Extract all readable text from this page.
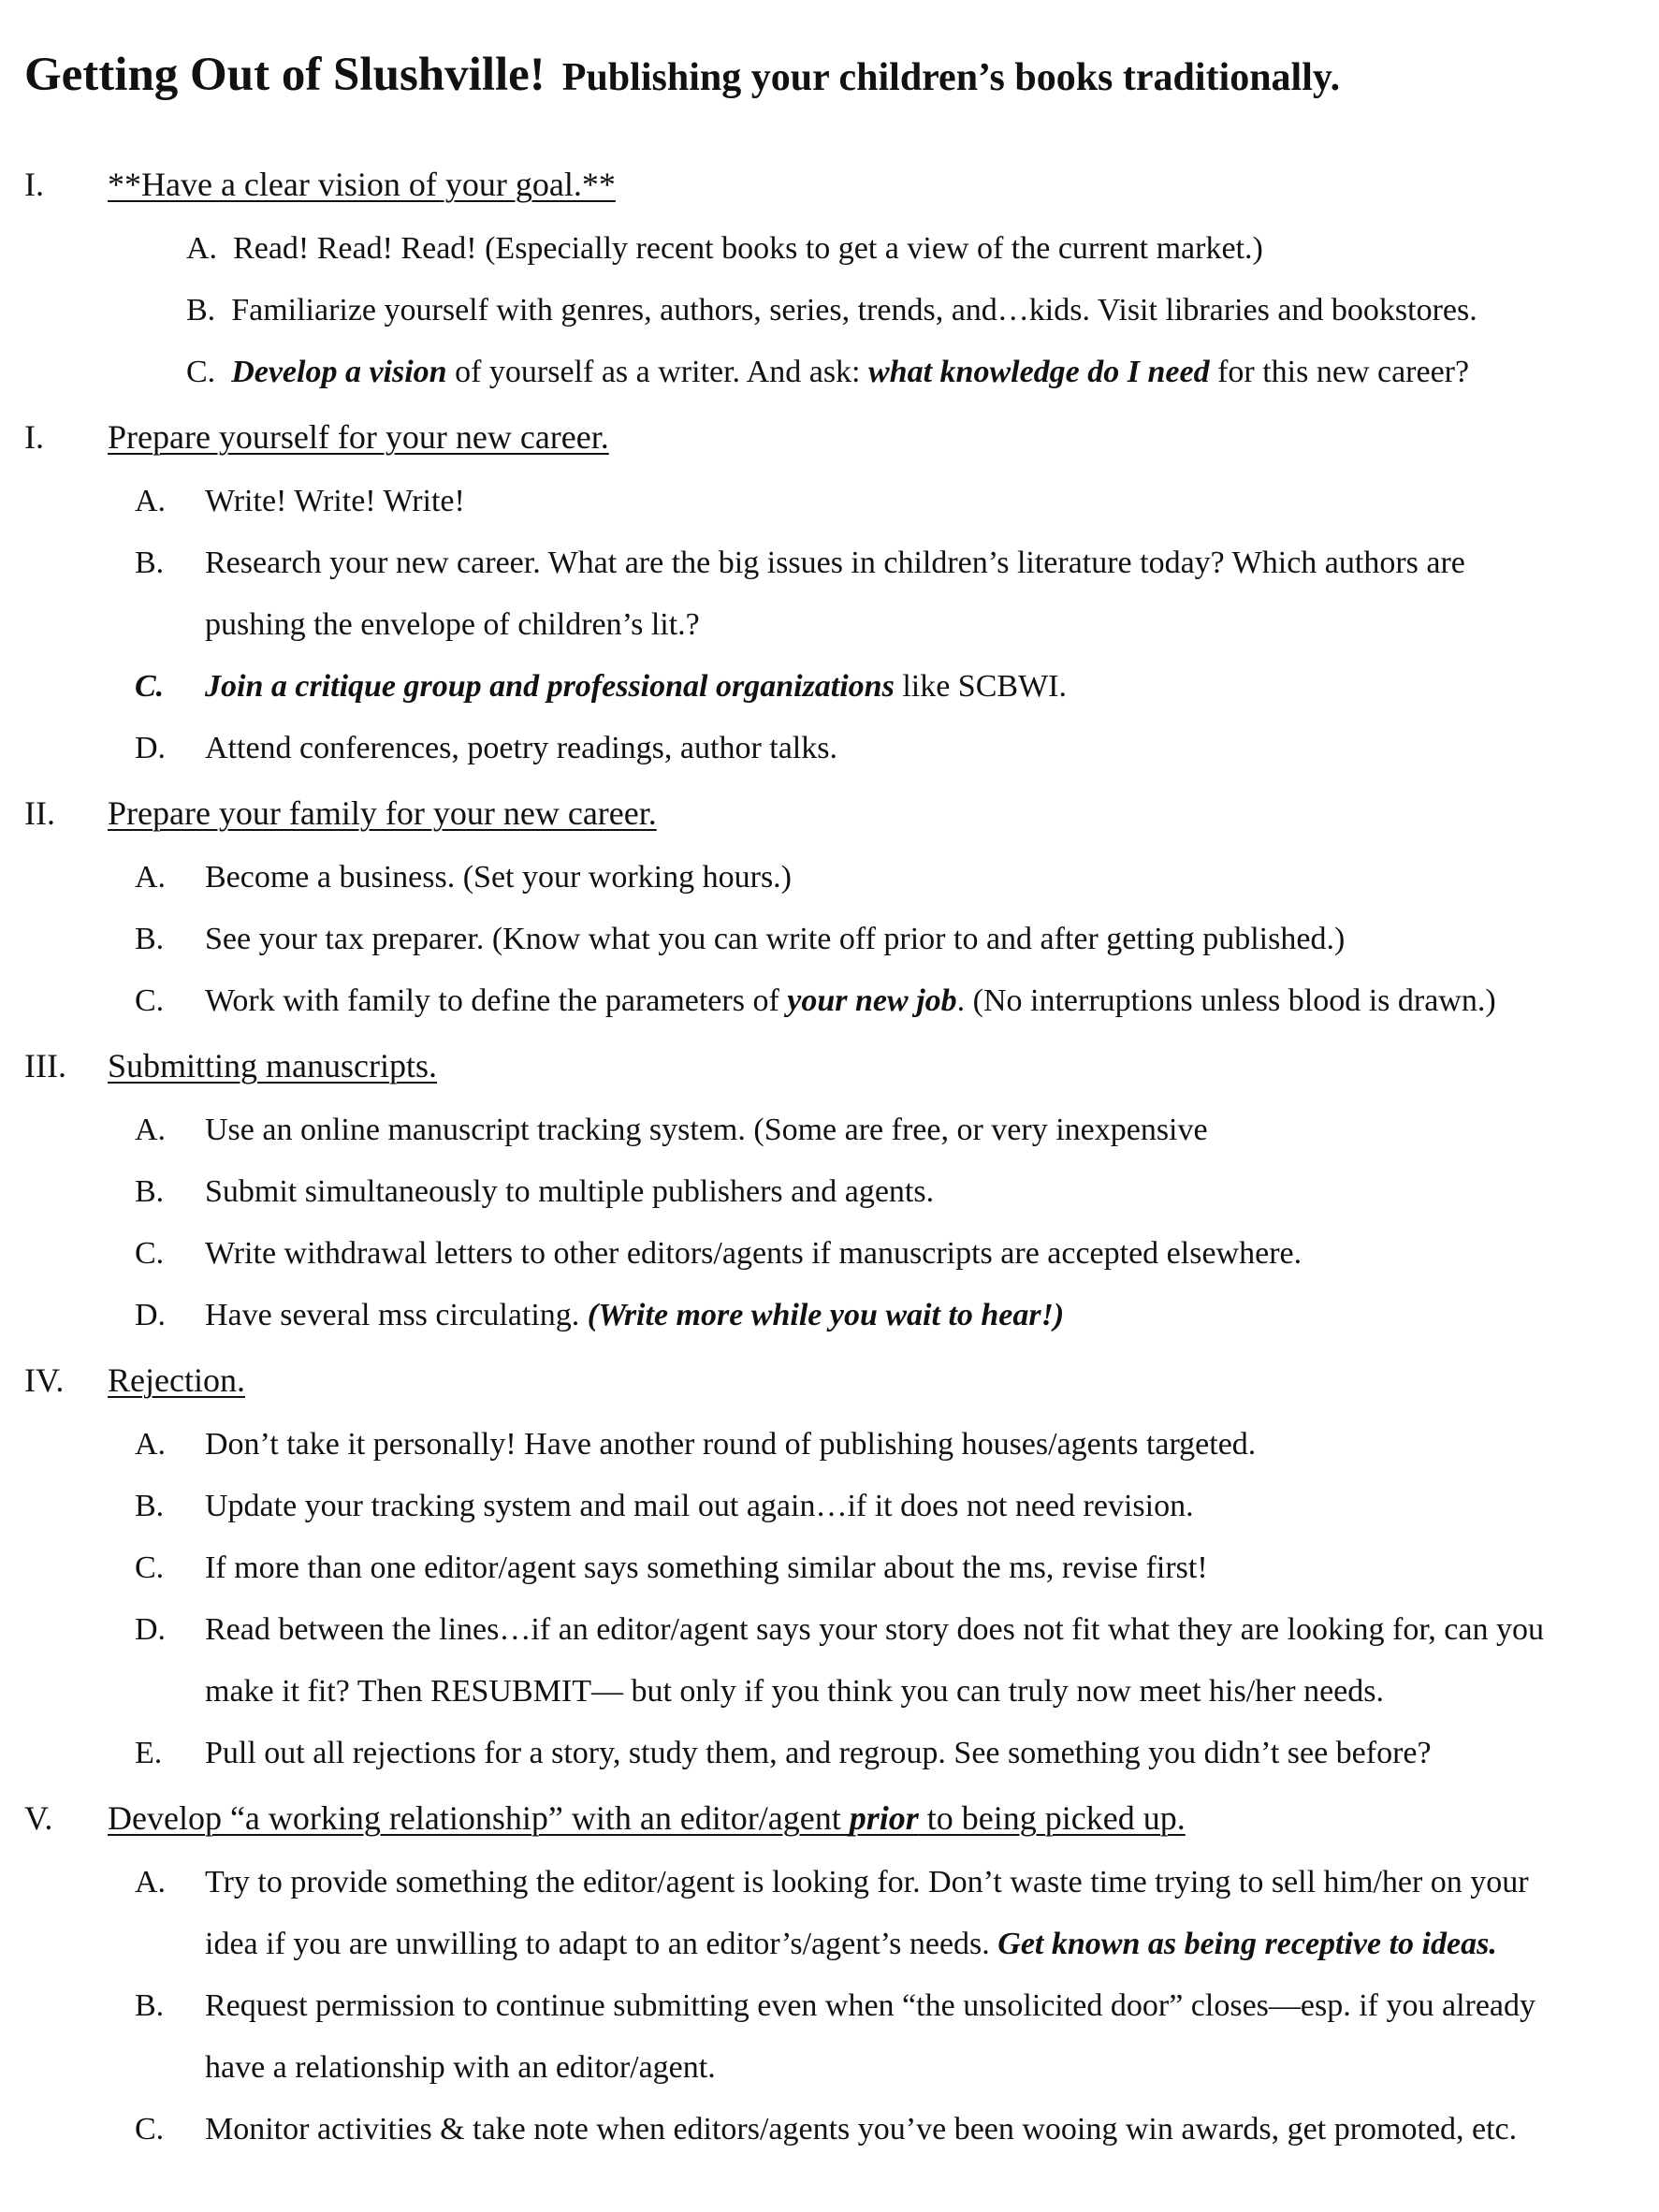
Getting Out of Slushville! Publishing your children’s books traditionally.
I. **Have a clear vision of your goal.**
A. Read! Read! Read! (Especially recent books to get a view of the current market.)
B. Familiarize yourself with genres, authors, series, trends, and…kids. Visit libraries and bookstores.
C. Develop a vision of yourself as a writer. And ask: what knowledge do I need for this new career?
I. Prepare yourself for your new career.
A. Write! Write! Write!
B. Research your new career. What are the big issues in children’s literature today? Which authors are
pushing the envelope of children’s lit.?
C. Join a critique group and professional organizations like SCBWI.
D. Attend conferences, poetry readings, author talks.
II. Prepare your family for your new career.
A. Become a business. (Set your working hours.)
B. See your tax preparer. (Know what you can write off prior to and after getting published.)
C. Work with family to define the parameters of your new job. (No interruptions unless blood is drawn.)
III. Submitting manuscripts.
A. Use an online manuscript tracking system. (Some are free, or very inexpensive
B. Submit simultaneously to multiple publishers and agents.
C. Write withdrawal letters to other editors/agents if manuscripts are accepted elsewhere.
D. Have several mss circulating. (Write more while you wait to hear!)
IV. Rejection.
A. Don’t take it personally! Have another round of publishing houses/agents targeted.
B. Update your tracking system and mail out again…if it does not need revision.
C. If more than one editor/agent says something similar about the ms, revise first!
D. Read between the lines…if an editor/agent says your story does not fit what they are looking for, can you
make it fit? Then RESUBMIT— but only if you think you can truly now meet his/her needs.
E. Pull out all rejections for a story, study them, and regroup. See something you didn’t see before?
V. Develop “a working relationship” with an editor/agent prior to being picked up.
A. Try to provide something the editor/agent is looking for. Don’t waste time trying to sell him/her on your
idea if you are unwilling to adapt to an editor’s/agent’s needs. Get known as being receptive to ideas.
B. Request permission to continue submitting even when “the unsolicited door” closes—esp. if you already
have a relationship with an editor/agent.
C. Monitor activities & take note when editors/agents you’ve been wooing win awards, get promoted, etc.
